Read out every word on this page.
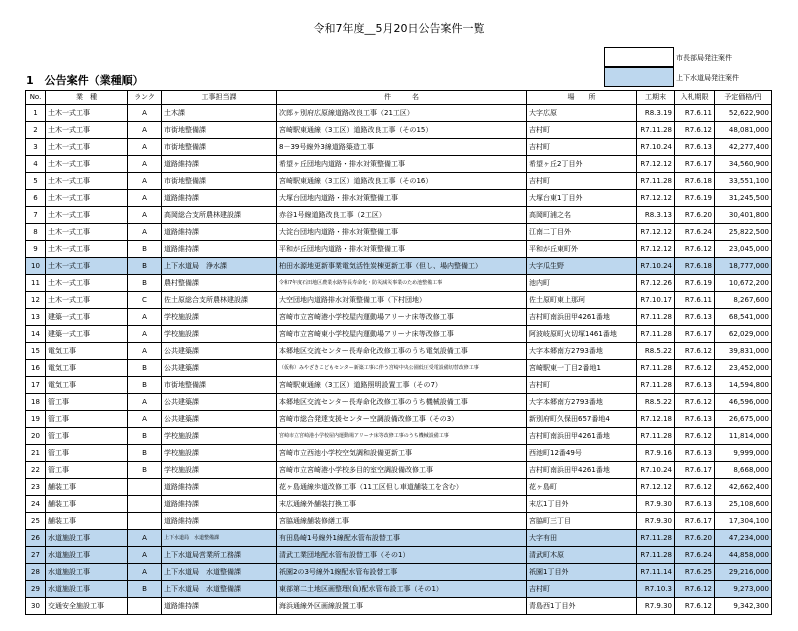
令和7年度__5月20日公告案件一覧
市長部局発注案件
上下水道局発注案件
1　公告案件（業種順）
No.	業　種	ランク	工事担当課	件　　　名	場　　所	工期末	入札期限	予定価格/円
1	土木一式工事	A	土木課	次郎ヶ別府広原線道路改良工事（21工区）	大字広原	R8.3.19	R7.6.11	52,622,900
2	土木一式工事	A	市街地整備課	宮崎駅東通線（3工区）道路改良工事（その15）	吉村町	R7.11.28	R7.6.12	48,081,000
3	土木一式工事	A	市街地整備課	8－39号線外3線道路築造工事	吉村町	R7.10.24	R7.6.13	42,277,400
4	土木一式工事	A	道路維持課	希望ヶ丘団地内道路・排水対策整備工事	希望ヶ丘2丁目外	R7.12.12	R7.6.17	34,560,900
5	土木一式工事	A	市街地整備課	宮崎駅東通線（3工区）道路改良工事（その16）	吉村町	R7.11.28	R7.6.18	33,551,100
6	土木一式工事	A	道路維持課	大塚台団地内道路・排水対策整備工事	大塚台東1丁目外	R7.12.12	R7.6.19	31,245,500
7	土木一式工事	A	高岡総合支所農林建設課	赤谷1号線道路改良工事（2工区）	高岡町浦之名	R8.3.13	R7.6.20	30,401,800
8	土木一式工事	A	道路維持課	大淀台団地内道路・排水対策整備工事	江南二丁目外	R7.12.12	R7.6.24	25,822,500
9	土木一式工事	B	道路維持課	平和が丘団地内道路・排水対策整備工事	平和が丘東町外	R7.12.12	R7.6.12	23,045,000
10	土木一式工事	B	上下水道局　浄水課	柏田水源地更新事業電気活性炭棟更新工事（但し、場内整備工）	大字瓜生野	R7.10.24	R7.6.18	18,777,000
11	土木一式工事	B	農村整備課	令和7年度石田地区農業水路等長寿命化・防災減災事業のため池整備工事	池内町	R7.12.26	R7.6.19	10,672,200
12	土木一式工事	C	佐土原総合支所農林建設課	大空団地内道路排水対策整備工事（下村団地）	佐土原町東上那珂	R7.10.17	R7.6.11	8,267,600
13	建築一式工事	A	学校施設課	宮崎市立宮崎港小学校屋内運動場アリーナ床等改修工事	吉村町南浜田甲4261番地	R7.11.28	R7.6.13	68,541,000
14	建築一式工事	A	学校施設課	宮崎市立宮崎東小学校屋内運動場アリーナ床等改修工事	阿波岐原町火切塚1461番地	R7.11.28	R7.6.17	62,029,000
15	電気工事	A	公共建築課	本郷地区交流センター長寿命化改修工事のうち電気設備工事	大字本郷南方2793番地	R8.5.22	R7.6.12	39,831,000
16	電気工事	B	公共建築課	（仮称）みやざきこどもセンター新築工事に伴う宮崎中央公園低圧受電設備切替改修工事	宮崎駅東一丁目2番地1	R7.11.28	R7.6.12	23,452,000
17	電気工事	B	市街地整備課	宮崎駅東通線（3工区）道路照明設置工事（その7）	吉村町	R7.11.28	R7.6.13	14,594,800
18	管工事	A	公共建築課	本郷地区交流センター長寿命化改修工事のうち機械設備工事	大字本郷南方2793番地	R8.5.22	R7.6.12	46,596,000
19	管工事	A	公共建築課	宮崎市総合発達支援センター空調設備改修工事（その3）	新別府町久保田657番地4	R7.12.18	R7.6.13	26,675,000
20	管工事	B	学校施設課	宮崎市立宮崎港小学校屋内運動場アリーナ床等改修工事のうち機械設備工事	吉村町南浜田甲4261番地	R7.11.28	R7.6.12	11,814,000
21	管工事	B	学校施設課	宮崎市立西池小学校空気調和設備更新工事	西池町12番49号	R7.9.16	R7.6.13	9,999,000
22	管工事	B	学校施設課	宮崎市立宮崎港小学校多目的室空調設備改修工事	吉村町南浜田甲4261番地	R7.10.24	R7.6.17	8,668,000
23	舗装工事		道路維持課	花ヶ島通線歩道改修工事（11工区但し車道舗装工を含む）	花ヶ島町	R7.12.12	R7.6.12	42,662,400
24	舗装工事		道路維持課	末広通線外舗装打換工事	末広1丁目外	R7.9.30	R7.6.13	25,108,600
25	舗装工事		道路維持課	宮脇通線舗装修繕工事	宮脇町三丁目	R7.9.30	R7.6.17	17,304,100
26	水道施設工事	A	上下水道局　水道整備課	有田島崎1号線外1線配水管布設替工事	大字有田	R7.11.28	R7.6.20	47,234,000
27	水道施設工事	A	上下水道局営業所工務課	清武工業団地配水管布設替工事（その1）	清武町木原	R7.11.28	R7.6.24	44,858,000
28	水道施設工事	A	上下水道局　水道整備課	祇園2の3号線外1線配水管布設替工事	祇園1丁目外	R7.11.14	R7.6.25	29,216,000
29	水道施設工事	B	上下水道局　水道整備課	東部第二土地区画整理(負)配水管布設工事（その1）	吉村町	R7.10.3	R7.6.12	9,273,000
30	交通安全施設工事		道路維持課	海浜通線外区画線設置工事	青島西1丁目外	R7.9.30	R7.6.12	9,342,300
